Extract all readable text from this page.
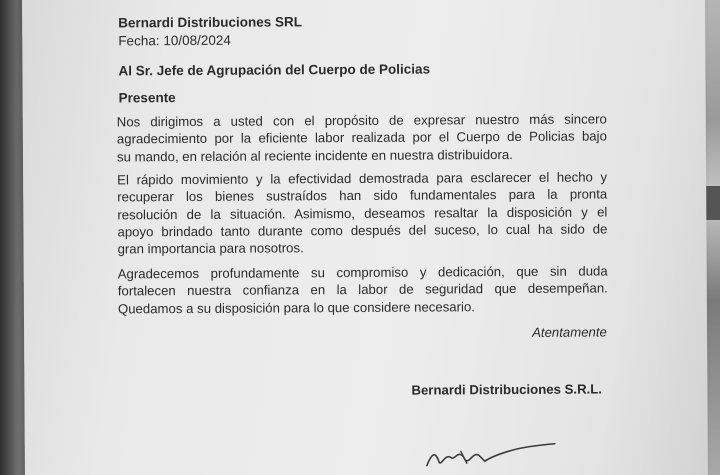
Bernardi Distribuciones SRL

Fecha: 10/08/2024

Al Sr. Jefe de Agrupación del Cuerpo de Policias

Presente

Nos dirigimos a usted con el propósito de expresar nuestro más sincero
agradecimiento por la eficiente labor realizada por el Cuerpo de Policias bajo
su mando, en relación al reciente incidente en nuestra distribuidora.
El rápido movimiento y la efectividad demostrada para esclarecer el hecho y
recuperar los bienes sustraídos han sido fundamentales para la pronta
resolución de la situación. Asimismo, deseamos resaltar la disposición y el
apoyo brindado tanto durante como después del suceso, lo cual ha sido de
gran importancia para nosotros.
Agradecemos profundamente su compromiso y dedicación, que sin duda
fortalecen nuestra confianza en la labor de seguridad que desempeñan.
Quedamos a su disposición para lo que considere necesario.

Atentamente

Bernardi Distribuciones S.R.L.
